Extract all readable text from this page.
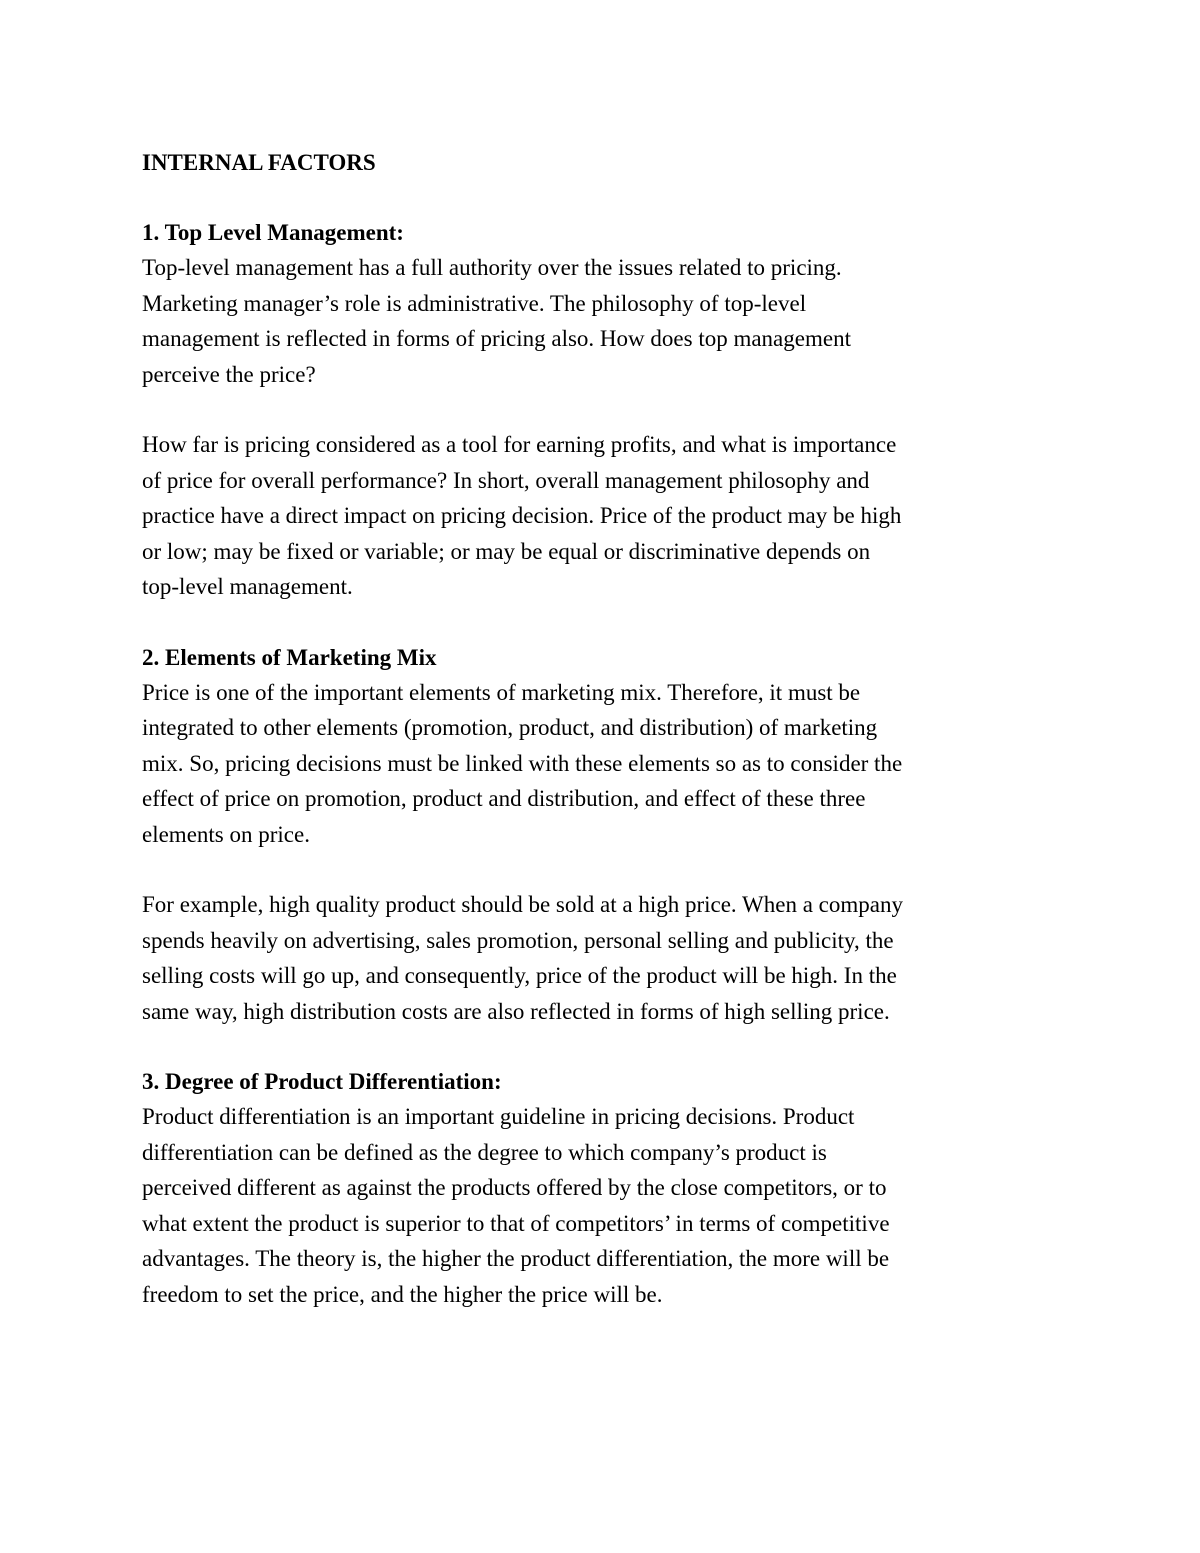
INTERNAL FACTORS
1. Top Level Management:
Top-level management has a full authority over the issues related to pricing.
Marketing manager’s role is administrative. The philosophy of top-level
management is reflected in forms of pricing also. How does top management
perceive the price?
How far is pricing considered as a tool for earning profits, and what is importance
of price for overall performance? In short, overall management philosophy and
practice have a direct impact on pricing decision. Price of the product may be high
or low; may be fixed or variable; or may be equal or discriminative depends on
top-level management.
2. Elements of Marketing Mix
Price is one of the important elements of marketing mix. Therefore, it must be
integrated to other elements (promotion, product, and distribution) of marketing
mix. So, pricing decisions must be linked with these elements so as to consider the
effect of price on promotion, product and distribution, and effect of these three
elements on price.
For example, high quality product should be sold at a high price. When a company
spends heavily on advertising, sales promotion, personal selling and publicity, the
selling costs will go up, and consequently, price of the product will be high. In the
same way, high distribution costs are also reflected in forms of high selling price.
3. Degree of Product Differentiation:
Product differentiation is an important guideline in pricing decisions. Product
differentiation can be defined as the degree to which company’s product is
perceived different as against the products offered by the close competitors, or to
what extent the product is superior to that of competitors’ in terms of competitive
advantages. The theory is, the higher the product differentiation, the more will be
freedom to set the price, and the higher the price will be.
